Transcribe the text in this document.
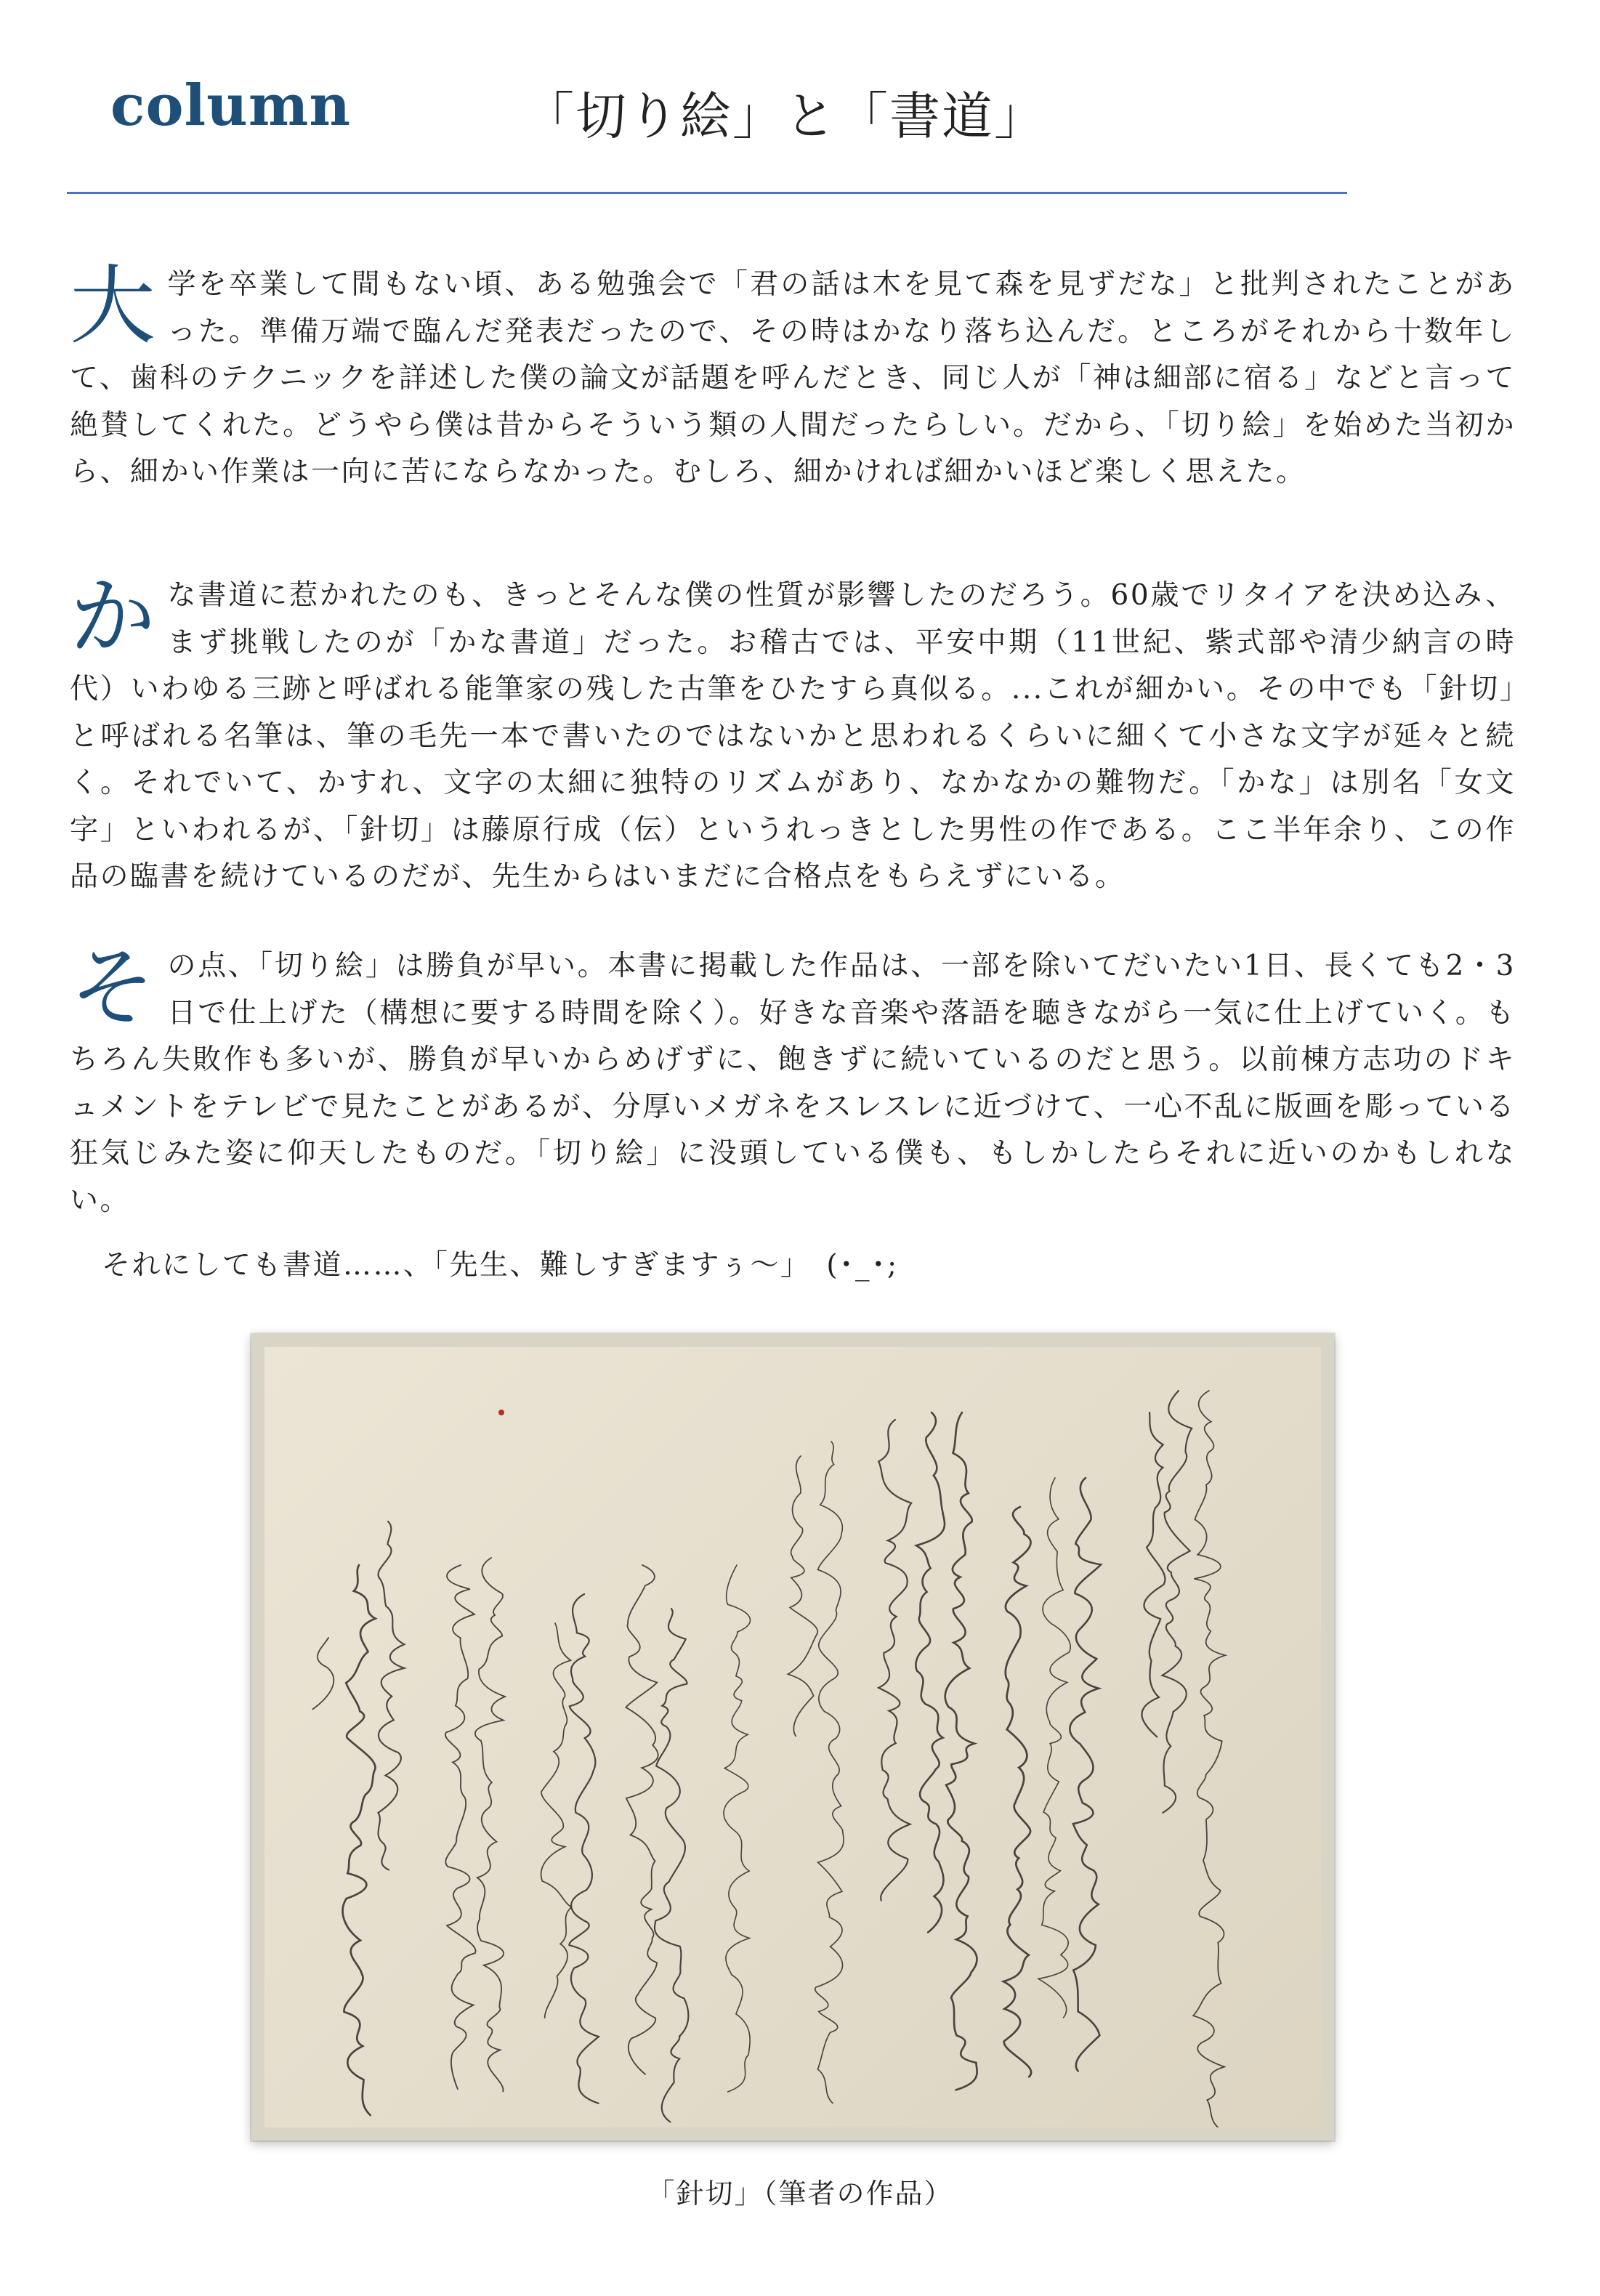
column	「切り絵」と「書道」

大学を卒業して間もない頃、ある勉強会で「君の話は木を見て森を見ずだな」と批判されたことがあった。準備万端で臨んだ発表だったので、その時はかなり落ち込んだ。ところがそれから十数年して、歯科のテクニックを詳述した僕の論文が話題を呼んだとき、同じ人が「神は細部に宿る」などと言って絶賛してくれた。どうやら僕は昔からそういう類の人間だったらしい。だから、「切り絵」を始めた当初から、細かい作業は一向に苦にならなかった。むしろ、細かければ細かいほど楽しく思えた。

かな書道に惹かれたのも、きっとそんな僕の性質が影響したのだろう。60歳でリタイアを決め込み、まず挑戦したのが「かな書道」だった。お稽古では、平安中期（11世紀、紫式部や清少納言の時代）いわゆる三跡と呼ばれる能筆家の残した古筆をひたすら真似る。...これが細かい。その中でも「針切」と呼ばれる名筆は、筆の毛先一本で書いたのではないかと思われるくらいに細くて小さな文字が延々と続く。それでいて、かすれ、文字の太細に独特のリズムがあり、なかなかの難物だ。「かな」は別名「女文字」といわれるが、「針切」は藤原行成（伝）というれっきとした男性の作である。ここ半年余り、この作品の臨書を続けているのだが、先生からはいまだに合格点をもらえずにいる。

その点、「切り絵」は勝負が早い。本書に掲載した作品は、一部を除いてだいたい1日、長くても2・3日で仕上げた（構想に要する時間を除く）。好きな音楽や落語を聴きながら一気に仕上げていく。もちろん失敗作も多いが、勝負が早いからめげずに、飽きずに続いているのだと思う。以前棟方志功のドキュメントをテレビで見たことがあるが、分厚いメガネをスレスレに近づけて、一心不乱に版画を彫っている狂気じみた姿に仰天したものだ。「切り絵」に没頭している僕も、もしかしたらそれに近いのかもしれない。

それにしても書道……、「先生、難しすぎますぅ～」　(･_･;
「針切」（筆者の作品）
